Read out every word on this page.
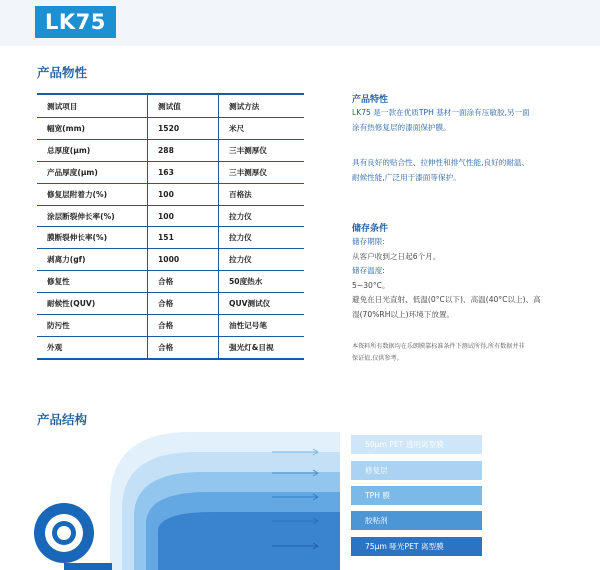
LK75
产品物性
测试项目	测试值	测试方法
幅宽(mm)	1520	米尺
总厚度(μm)	288	三丰测厚仪
产品厚度(μm)	163	三丰测厚仪
修复层附着力(%)	100	百格法
涂层断裂伸长率(%)	100	拉力仪
膜断裂伸长率(%)	151	拉力仪
剥离力(gf)	1000	拉力仪
修复性	合格	50度热水
耐候性(QUV)	合格	QUV测试仪
防污性	合格	油性记号笔
外观	合格	强光灯&目视
产品特性
LK75 是一款在优质TPH 基材一面涂有压敏胶,另一面
涂有热修复层的漆面保护膜。
具有良好的贴合性、拉伸性和排气性能,良好的耐温、
耐候性能,广泛用于漆面等保护。
储存条件
储存期限:
从客户收到之日起6个月。
储存温度:
5~30°C。
避免在日光直射、低温(0°C以下)、高温(40°C以上)、高
湿(70%RH以上)环境下放置。
本资料所有数据均在乐朗膜靠标准条件下测试所得,所有数据并非
保证值,仅供参考。
产品结构
50μm PET 透明离型膜
修复层
TPH 膜
胶粘剂
75μm 哑光PET 离型膜
